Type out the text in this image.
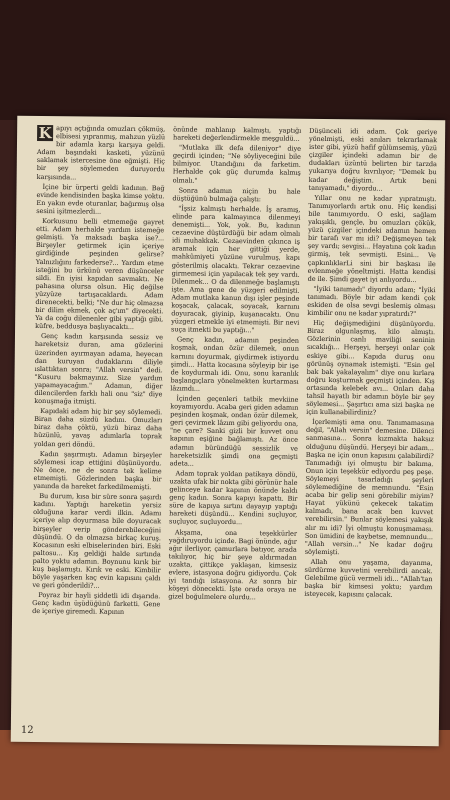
K apıyı açtığında omuzları çökmüş, elbisesi yıpranmış, mahzun yüzlü bir adamla karşı karşıya geldi. Adam başındaki kasketi, yüzünü saklamak istercesine öne eğmişti. Hiç bir şey söylemeden duruyordu karşısında...

İçine bir ürperti geldi kadının. Bağ evinde kendisinden başka kimse yoktu. En yakın evde oturanlar, bağırmış olsa sesini işitmezlerdi...

Korkusunu belli etmemeğe gayret etti. Adam herhalde yardım istemeğe gelmişti. Ya maksadı başka ise?... Birşeyler getirmek için içeriye girdiğinde peşinden gelirse? Yalnızlığını farkederse?... Yardım etme isteğini bu ürkünü veren düşünceler sildi. En iyisi kapıdan savmaktı. Ne pahasına olursa olsun. Hiç değilse yüzyüze tartışacaklardı. Adam direnecekti, belki; "Ne dur hiç olmazsa bir dilim ekmek, çok aç'ım" diyecekti. Ya da coğu dilenenler gibi yaptığı gibi, küfre, beddusya başlıyacaktı...

Genç kadın karşısında sessiz ve hareketsiz duran, ama gözlerini üzerinden ayırmayan adama, heyecan dan kuruyan dudaklarını diliyle ıslattıktan sonra; "Allah versin" dedi. "Kusuru bakmayınız. Size yardım yapamayacağım." Adamın, diğer dilencilerden farklı hali onu "siz" diye konuşmağa itmişti.

Kapıdaki adam hiç bir şey söylemedi. Biran daha süzdü kadını. Omuzları biraz daha çöktü, yüzü biraz daha hüzünlü, yavaş adımlarla toprak yoldan geri döndü.

Kadın şaşırmıştı. Adamın birşeyler söylemesi icap ettiğini düşünüyordu. Ne önce, ne de sonra tek kelime etmemişti. Gözlerinden başka bir yanında da hareket farkedilmemişti.

Bu durum, kısa bir süre sonra şaşırdı kadını. Yaptığı hareketin yersiz olduğuna karar verdi ilkin. Adamı içeriye alıp doyurmasa bile doyuracak birşeyler verip gönderebileceğini düşündü. O da olmazsa birkaç kuruş. Kocasının eski elbiselerinden biri. Eski paltosu... Kış geldiği halde sırtında palto yoktu adamın. Boynunu kırık bir kuş başlamıştı. Kırık ve eski. Kimbilir böyle yaşarken kaç evin kapısını çaldı ve geri gönderildi?...

Poyraz bir hayli şiddetli idi dışarıda. Genç kadın üşüdüğünü farketti. Gene de içeriye giremedi. Kapının

önünde mahlanıp kalmıştı, yaptığı hareketi değerlendirmekle meşguldü...

"Mutlaka ilk defa dileniyor" diye geçirdi içinden; "Ne söyliyeceğini bile bilmiyor. Utandığını da farketim. Herhalde çok güç durumda kalmış olmalı."

Sonra adamın niçin bu hale düştüğünü bulmağa çalıştı:

"İşsiz kalmıştı herhalde. İş aramış, elinde para kalmayınca dilenmeyi denemişti... Yok, yok. Bu, kadının cezaevine düştürdüğü bir adam olmalı idi muhakkak. Cezaevinden çıkınca iş aramak için her gittiği yerde, mahkûmiyeti yüzüne vurulmuş, kapı gösterilmiş olacaktı. Tekrar cezaevine girmemesi için yapılacak tek şey vardı. Dilenmek... O da dilenmeğe başlamıştı işte. Ama gene de yüzgeri edilmişti. Adam mutlaka kanun dışı işler peşinde koşacak, çalacak, soyacak, karnını doyuracak, giyinip, kuşanacaktı. Onu yüzgeri etmekle iyi etmemişti. Bir nevi suça itmekti bu yaptığı..."

Genç kadın, adamın peşinden koşmak, ondan özür dilemek, onun karnını doyurmak, giydirmek istiyordu şimdi... Hatta kocasına söyleyip bir işe de koydurmalı idi. Onu, sonu karanlık başlangıçlara yönelmekten kurtarması lâzımdı...

İçinden geçenleri tatbik mevkiine koyamıyordu. Acaba geri giden adamın peşinden koşmak, ondan özür dilemek, geri çevirmek lâzım gibi geliyordu ona, "ne çare? Sanki gizli bir kuvvet onu kapının eşiğine bağlamıştı. Az önce adamın büründüğü sessizlik ve hareketsizlik şimdi ona geçmişti adeta...

Adam toprak yoldan patikaya döndü, uzakta ufak bir nokta gibi görünür hale gelinceye kadar kapının önünde kaldı genç kadın. Sonra kapıyı kapattı. Bir süre de kapıya sırtını dayayıp yaptığı hareketi düşündü... Kendini suçluyor, suçluyor, suçluyordu...

Akşama, ona teşekkürler yağdıruyordu içinde. Bagi önünde, ağır ağır ilerliyor, çamurlara batıyor, arada takılıyor, hiç bir şeye aldırmadan uzakta, çittikçe yaklaşan, kimsesiz evlere, istasyona doğru gidiyordu. Çok iyi tandığı istasyona. Az sonra bir köşeyi dönecekti. İşte orada oraya ne gizel boğulmelere olurdu...

Düşünceli idi adam. Çok geriye yönelmişti, eski anıları tekrarlamak ister gibi, yüzü hafif gülümsemiş, yüzü çizgiler içindeki adamın bir de dudakları üzüntü belirten bir tarzda yukarıya doğru kıvrılıyor; "Demek bu kadar değiştim. Artık beni tanıyamadı," diyordu...

Yıllar onu ne kadar yıpratmıştı. Tanımıyorlardı artık onu. Hiç kendisi bile tanımıyordu. O eski, sağlam yakışıklı, gençle, bu omuzları çökük, yüzü çizgiler içindeki adamın hemen bir tarafı var mı idi? Değişmeyen tek şey vardı; sevgisi... Hayatına çok kadın girmiş, tek sevmişti. Esini... Ve çapkınlıklarLi sini bir başkası ile evlenmeğe yöneltmişti. Hatta kendisi de ile. Şimdi gayet iyi anlıyordu...

"İyiki tanımadı" diyordu adam; "İyiki tanımadı. Böyle bir adam kendi çok eskiden de olsa sevgi beslemiş olması kimbilir onu ne kadar yıpratırdı?"

Hiç değişmediğini düşünüyordu. Biraz olgunlaşmış, kilo almıştı. Gözlerinin canlı maviliği seninin sıcaklığı... Herşeyi, herşeyi onlar çok eskiye gibi... Kapıda duruş onu görünüş oynamak istemişti. "Esin gel bak bak yakalayalım" diye onu kırlara doğru koşturmak geçmişti içinden. Kış ortasında kelebek avı... Onları daha tahsil hayatlı bir adamın böyle bir şey söylemesi... Şaşırtıcı ama sizi başka ne için kullanabilirdiniz?

İçerlemişti ama onu. Tanımamasına değil, "Allah versin" demesine. Dilenci sanmasına... Sonra kızmakta haksız olduğunu düşündü. Herşeyi bir adam... Başka ne için onun kapısını çalabilirdi? Tanımadığı iyi olmuştu bir bakıma. Onun için teşekkür ediyordu peş peşe. Söylemeyi tasarladığı şeyleri söylemediğine de memnundu. "Esin acaba bir gelip seni görebilir miyim? Hayat yükünü çekecek takatim kalmadı, bana acak ben kuvvet verebilirsin." Bunlar söylemesi yakışık alır mı idi? İyi olmuştu konuşmaması. Son ümidini de kaybetse, memnundu... "Allah versin..." Ne kadar doğru söylemişti.

Allah onu yaşama, dayanma, sürdürme kuvvetini verebilirdi ancak. Gelebilme gücü vermeli idi... "Allah'tan başka bir kimsesi yoktu; yardım isteyecek, kapısını çalacak.

12
